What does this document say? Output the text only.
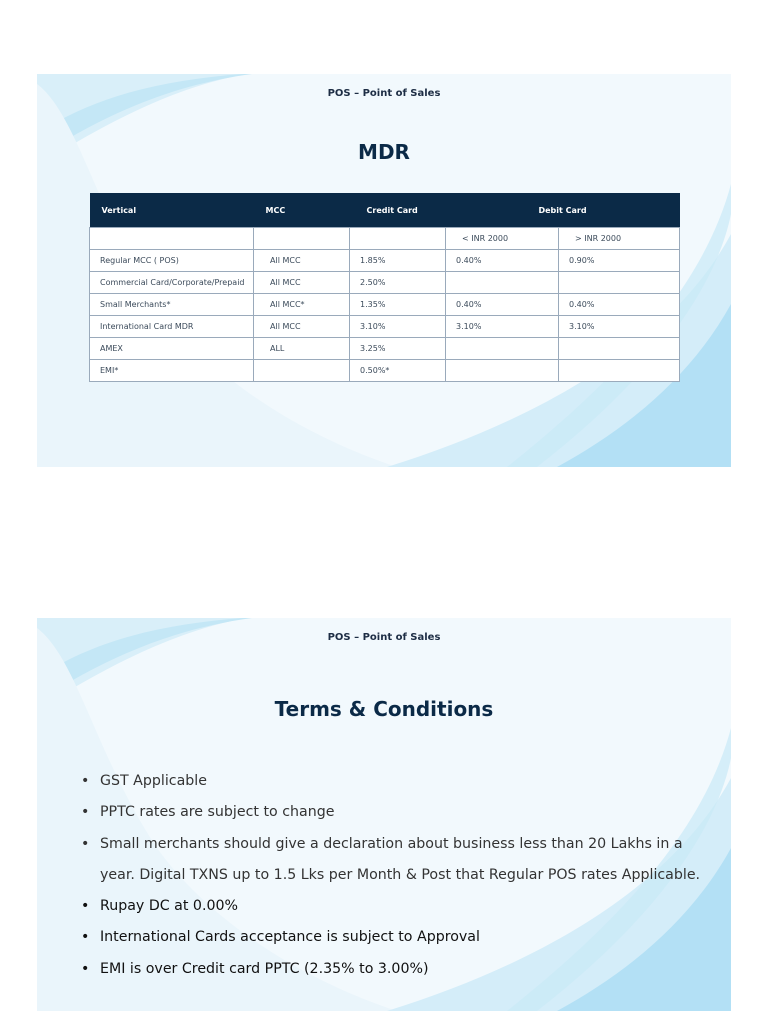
POS – Point of Sales
MDR
Vertical	MCC	Credit Card	Debit Card	
			< INR 2000	> INR 2000
Regular MCC ( POS)	All MCC	1.85%	0.40%	0.90%
Commercial Card/Corporate/Prepaid	All MCC	2.50%		
Small Merchants*	All MCC*	1.35%	0.40%	0.40%
International Card MDR	All MCC	3.10%	3.10%	3.10%
AMEX	ALL	3.25%		
EMI*		0.50%*		
POS – Point of Sales
Terms & Conditions
• GST Applicable
• PPTC rates are subject to change
• Small merchants should give a declaration about business less than 20 Lakhs in a year. Digital TXNS up to 1.5 Lks per Month & Post that Regular POS rates Applicable.
• Rupay DC at 0.00%
• International Cards acceptance is subject to Approval
• EMI is over Credit card PPTC (2.35% to 3.00%)
